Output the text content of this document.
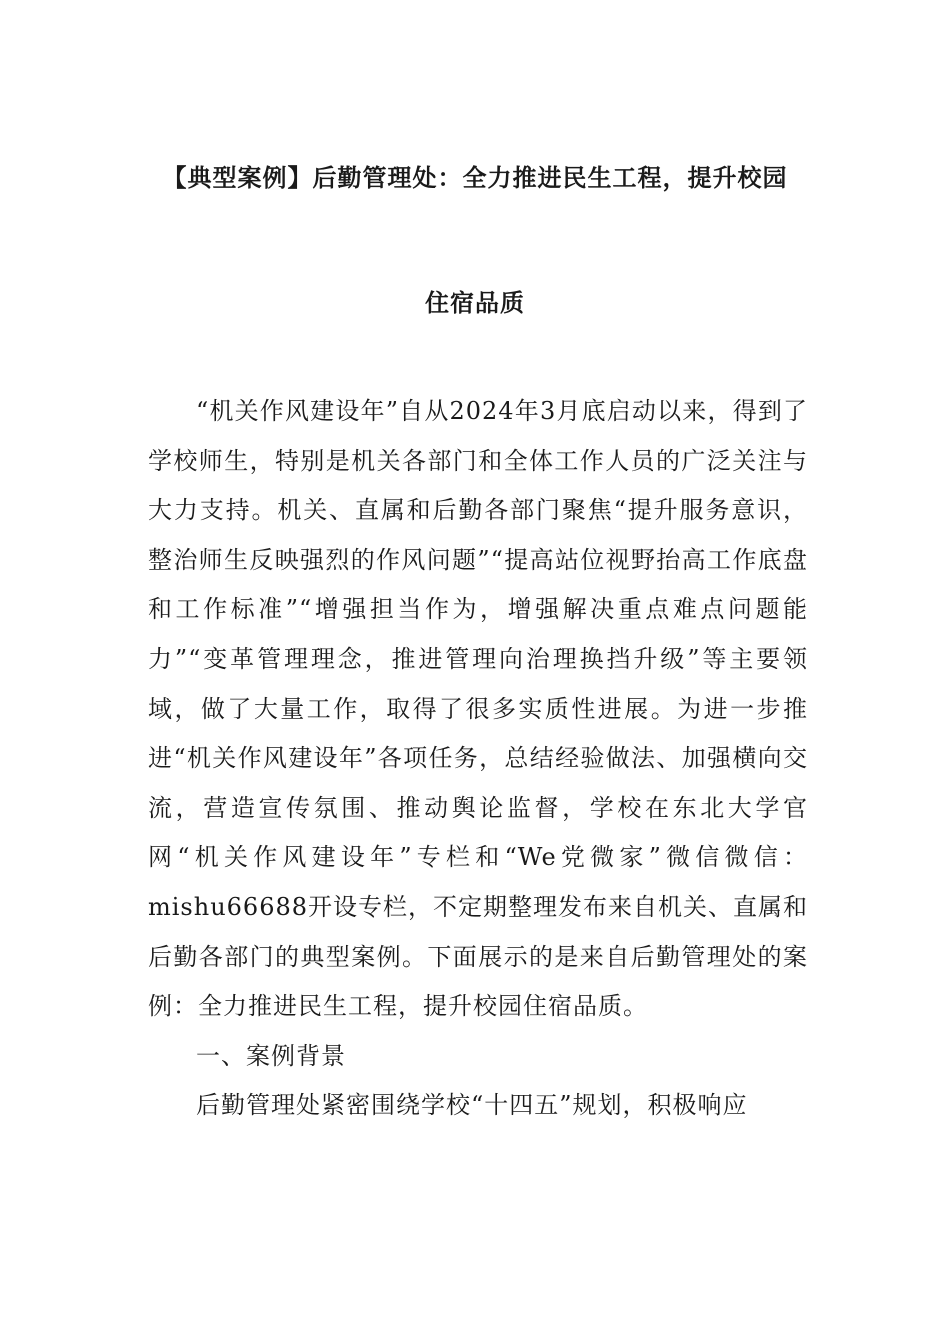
【典型案例】后勤管理处：全力推进民生工程，提升校园
住宿品质

“机关作风建设年”自从2024年3月底启动以来，得到了学校师生，特别是机关各部门和全体工作人员的广泛关注与大力支持。机关、直属和后勤各部门聚焦“提升服务意识，整治师生反映强烈的作风问题”“提高站位视野抬高工作底盘和工作标准”“增强担当作为，增强解决重点难点问题能力”“变革管理理念，推进管理向治理换挡升级”等主要领域，做了大量工作，取得了很多实质性进展。为进一步推进“机关作风建设年”各项任务，总结经验做法、加强横向交流，营造宣传氛围、推动舆论监督，学校在东北大学官网“机关作风建设年”专栏和“We党微家”微信微信：mishu66688开设专栏，不定期整理发布来自机关、直属和后勤各部门的典型案例。下面展示的是来自后勤管理处的案例：全力推进民生工程，提升校园住宿品质。

一、案例背景

后勤管理处紧密围绕学校“十四五”规划，积极响应
